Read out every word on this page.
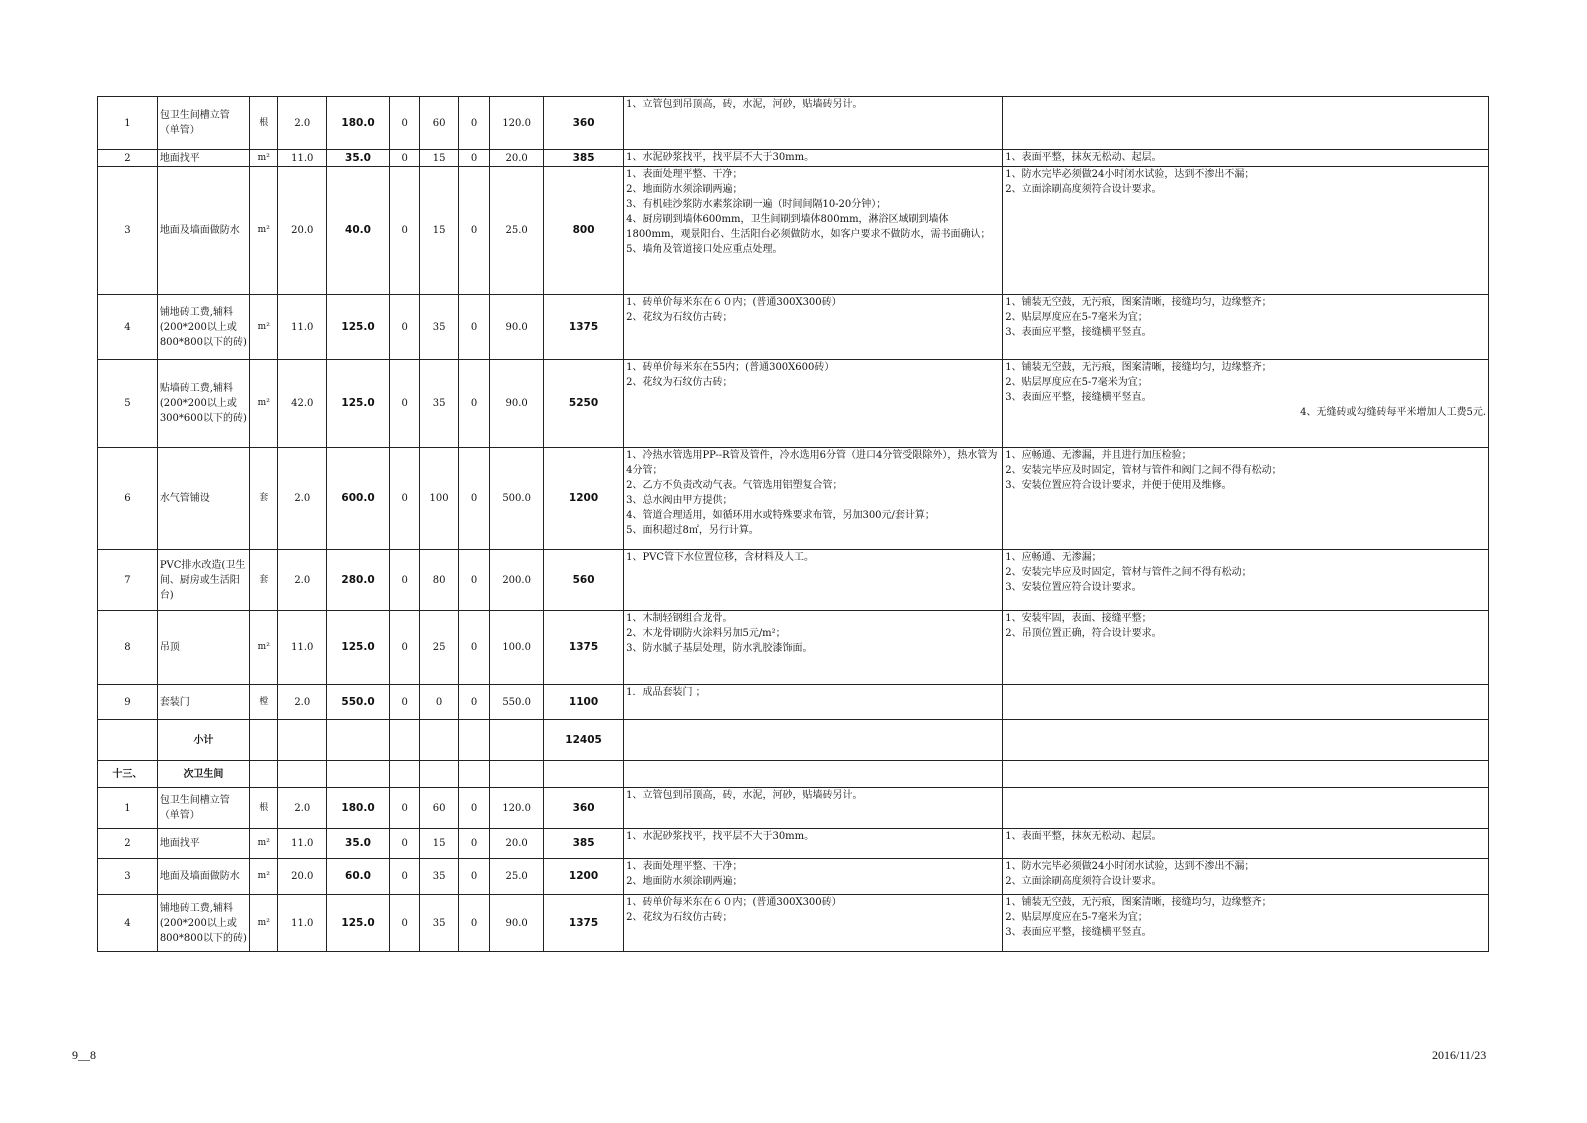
1	包卫生间槽立管（单管）	根	2.0	180.0	0	60	0	120.0	360	1、立管包到吊顶高，砖，水泥，河砂，贴墙砖另计。	
2	地面找平	m²	11.0	35.0	0	15	0	20.0	385	1、水泥砂浆找平，找平层不大于30mm。	1、表面平整，抹灰无松动、起层。
3	地面及墙面做防水	m²	20.0	40.0	0	15	0	25.0	800	1、表面处理平整、干净；
2、地面防水须涂刷两遍；
3、有机硅沙浆防水素浆涂刷一遍（时间间隔10-20分钟）；
4、厨房刷到墙体600mm，卫生间刷到墙体800mm，淋浴区域刷到墙体1800mm，观景阳台、生活阳台必须做防水，如客户要求不做防水，需书面确认；
5、墙角及管道接口处应重点处理。	1、防水完毕必须做24小时闭水试验，达到不渗出不漏；
2、立面涂刷高度须符合设计要求。
4	铺地砖工费,辅料(200*200以上或800*800以下的砖)	m²	11.0	125.0	0	35	0	90.0	1375	1、砖单价每米东在６０内；(普通300X300砖）
2、花纹为石纹仿古砖；	1、铺装无空鼓，无污痕，图案清晰，接缝均匀，边缘整齐；
2、贴层厚度应在5-7毫米为宜；
3、表面应平整，接缝横平竖直。
5	贴墙砖工费,辅料(200*200以上或300*600以下的砖)	m²	42.0	125.0	0	35	0	90.0	5250	1、砖单价每米东在55内；(普通300X600砖）
2、花纹为石纹仿古砖；	1、铺装无空鼓，无污痕，图案清晰，接缝均匀，边缘整齐；
2、贴层厚度应在5-7毫米为宜；
3、表面应平整，接缝横平竖直。
4、无缝砖或勾缝砖每平米增加人工费5元.

6	水气管铺设	套	2.0	600.0	0	100	0	500.0	1200	1、冷热水管选用PP--R管及管件，冷水选用6分管（进口4分管受限除外），热水管为4分管；
2、乙方不负责改动气表。气管选用铝塑复合管；
3、总水阀由甲方提供；
4、管道合理适用，如循环用水或特殊要求布管，另加300元/套计算；
5、面积超过8㎡，另行计算。	1、应畅通、无渗漏，并且进行加压检验；
2、安装完毕应及时固定，管材与管件和阀门之间不得有松动；
3、安装位置应符合设计要求，并便于使用及维修。
7	PVC排水改造(卫生间、厨房或生活阳台)	套	2.0	280.0	0	80	0	200.0	560	1、PVC管下水位置位移，含材料及人工。	1、应畅通、无渗漏；
2、安装完毕应及时固定，管材与管件之间不得有松动；
3、安装位置应符合设计要求。
8	吊顶	m²	11.0	125.0	0	25	0	100.0	1375	1、木制轻钢组合龙骨。
2、木龙骨刷防火涂料另加5元/m²；
3、防水腻子基层处理，防水乳胶漆饰面。	1、安装牢固，表面、接缝平整；
2、吊顶位置正确，符合设计要求。
9	套装门	樘	2.0	550.0	0	0	0	550.0	1100	1．成品套装门 ；	
	小计								12405		
十三、	次卫生间										
1	包卫生间槽立管（单管）	根	2.0	180.0	0	60	0	120.0	360	1、立管包到吊顶高，砖，水泥，河砂，贴墙砖另计。	
2	地面找平	m²	11.0	35.0	0	15	0	20.0	385	1、水泥砂浆找平，找平层不大于30mm。	1、表面平整，抹灰无松动、起层。
3	地面及墙面做防水	m²	20.0	60.0	0	35	0	25.0	1200	1、表面处理平整、干净；
2、地面防水须涂刷两遍；	1、防水完毕必须做24小时闭水试验，达到不渗出不漏；
2、立面涂刷高度须符合设计要求。
4	铺地砖工费,辅料(200*200以上或800*800以下的砖)	m²	11.0	125.0	0	35	0	90.0	1375	1、砖单价每米东在６０内；(普通300X300砖）
2、花纹为石纹仿古砖；	1、铺装无空鼓，无污痕，图案清晰，接缝均匀，边缘整齐；
2、贴层厚度应在5-7毫米为宜；
3、表面应平整，接缝横平竖直。
9__8	2016/11/23
